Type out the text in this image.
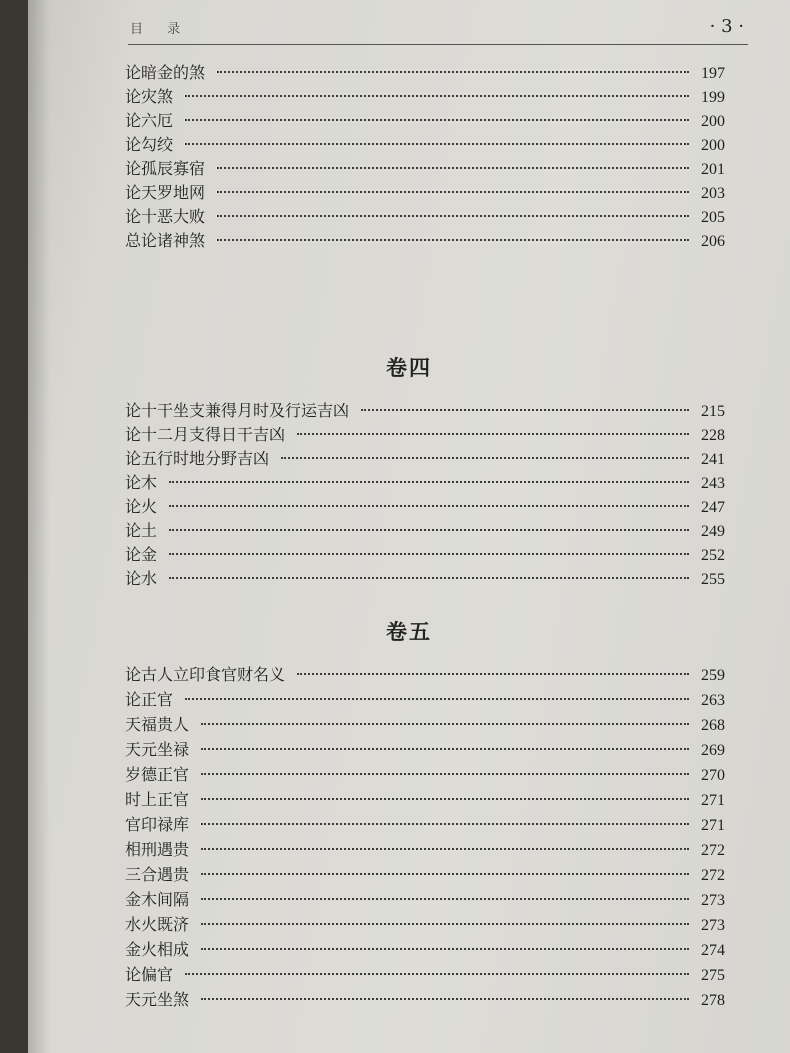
目 录	· 3 ·
论暗金的煞	197
论灾煞	199
论六厄	200
论勾绞	200
论孤辰寡宿	201
论天罗地网	203
论十恶大败	205
总论诸神煞	206
卷四
论十干坐支兼得月时及行运吉凶	215
论十二月支得日干吉凶	228
论五行时地分野吉凶	241
论木	243
论火	247
论土	249
论金	252
论水	255
卷五
论古人立印食官财名义	259
论正官	263
天福贵人	268
天元坐禄	269
岁德正官	270
时上正官	271
官印禄库	271
相刑遇贵	272
三合遇贵	272
金木间隔	273
水火既济	273
金火相成	274
论偏官	275
天元坐煞	278
